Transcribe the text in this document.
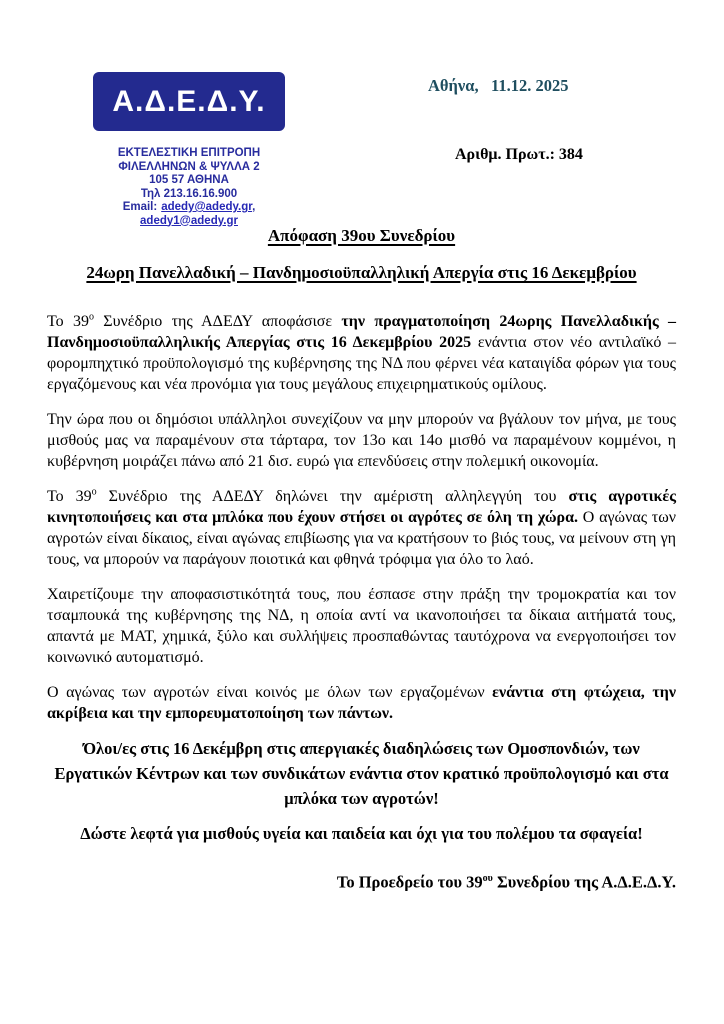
Α.Δ.Ε.Δ.Υ.
ΕΚΤΕΛΕΣΤΙΚΗ ΕΠΙΤΡΟΠΗ
ΦΙΛΕΛΛΗΝΩΝ & ΨΥΛΛΑ 2
105 57 ΑΘΗΝΑ
Τηλ 213.16.16.900
Email: adedy@adedy.gr,
adedy1@adedy.gr
Αθήνα,   11.12. 2025
Αριθμ. Πρωτ.: 384
Απόφαση 39ου Συνεδρίου
24ωρη Πανελλαδική – Πανδημοσιοϋπαλληλική Απεργία στις 16 Δεκεμβρίου

Το $39^o$ Συνέδριο της ΑΔΕΔΥ αποφάσισε την πραγματοποίηση 24ωρης Πανελλαδικής – Πανδημοσιοϋπαλληλικής Απεργίας στις 16 Δεκεμβρίου 2025 ενάντια στον νέο αντιλαϊκό – φορομπηχτικό προϋπολογισμό της κυβέρνησης της ΝΔ που φέρνει νέα καταιγίδα φόρων για τους εργαζόμενους και νέα προνόμια για τους μεγάλους επιχειρηματικούς ομίλους.

Την ώρα που οι δημόσιοι υπάλληλοι συνεχίζουν να μην μπορούν να βγάλουν τον μήνα, με τους μισθούς μας να παραμένουν στα τάρταρα, τον 13ο και 14ο μισθό να παραμένουν κομμένοι, η κυβέρνηση μοιράζει πάνω από 21 δισ. ευρώ για επενδύσεις στην πολεμική οικονομία.

Το $39^o$ Συνέδριο της ΑΔΕΔΥ δηλώνει την αμέριστη αλληλεγγύη του στις αγροτικές κινητοποιήσεις και στα μπλόκα που έχουν στήσει οι αγρότες σε όλη τη χώρα. Ο αγώνας των αγροτών είναι δίκαιος, είναι αγώνας επιβίωσης για να κρατήσουν το βιός τους, να μείνουν στη γη τους, να μπορούν να παράγουν ποιοτικά και φθηνά τρόφιμα για όλο το λαό.

Χαιρετίζουμε την αποφασιστικότητά τους, που έσπασε στην πράξη την τρομοκρατία και τον τσαμπουκά της κυβέρνησης της ΝΔ, η οποία αντί να ικανοποιήσει τα δίκαια αιτήματά τους, απαντά με ΜΑΤ, χημικά, ξύλο και συλλήψεις προσπαθώντας ταυτόχρονα να ενεργοποιήσει τον κοινωνικό αυτοματισμό.

Ο αγώνας των αγροτών είναι κοινός με όλων των εργαζομένων ενάντια στη φτώχεια, την ακρίβεια και την εμπορευματοποίηση των πάντων.

Όλοι/ες στις 16 Δεκέμβρη στις απεργιακές διαδηλώσεις των Ομοσπονδιών, των Εργατικών Κέντρων και των συνδικάτων ενάντια στον κρατικό προϋπολογισμό και στα μπλόκα των αγροτών!

Δώστε λεφτά για μισθούς υγεία και παιδεία και όχι για του πολέμου τα σφαγεία!

Το Προεδρείο του $39^{o\upsilon}$ Συνεδρίου της Α.Δ.Ε.Δ.Υ.
